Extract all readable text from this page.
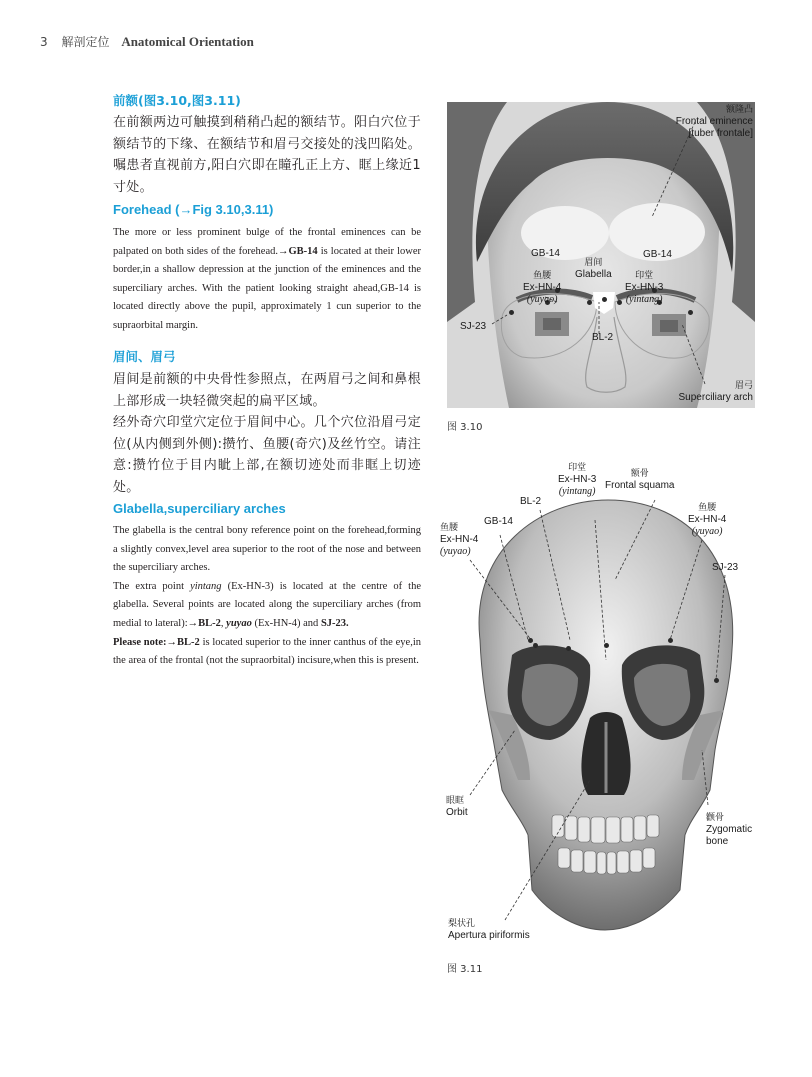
3 解剖定位 Anatomical Orientation
前额(图3.10,图3.11)

在前额两边可触摸到稍稍凸起的额结节。阳白穴位于额结节的下缘、在额结节和眉弓交接处的浅凹陷处。嘱患者直视前方,阳白穴即在瞳孔正上方、眶上缘近1寸处。

Forehead (→Fig 3.10,3.11)

The more or less prominent bulge of the frontal eminences can be palpated on both sides of the forehead.→GB-14 is located at their lower border,in a shallow depression at the junction of the eminences and the superciliary arches. With the patient looking straight ahead,GB-14 is located directly above the pupil, approximately 1 cun superior to the supraorbital margin.

眉间、眉弓

眉间是前额的中央骨性参照点，在两眉弓之间和鼻根上部形成一块轻微突起的扁平区域。

经外奇穴印堂穴定位于眉间中心。几个穴位沿眉弓定位(从内侧到外侧):攒竹、鱼腰(奇穴)及丝竹空。请注意:攒竹位于目内眦上部,在额切迹处而非眶上切迹处。

Glabella,superciliary arches

The glabella is the central bony reference point on the forehead,forming a slightly convex,level area superior to the root of the nose and between the superciliary arches.

The extra point yintang (Ex-HN-3) is located at the centre of the glabella. Several points are located along the superciliary arches (from medial to lateral):→BL-2, yuyao (Ex-HN-4) and SJ-23.

Please note:→BL-2 is located superior to the inner canthus of the eye,in the area of the frontal (not the supraorbital) incisure,when this is present.

额隆凸
Frontal eminence
[tuber frontale]
GB-14	GB-14
鱼腰
Ex-HN-4
(yuyao)
眉间
Glabella	印堂
Ex-HN-3
(yintang)
SJ-23
BL-2
眉弓
Superciliary arch
图 3.10
印堂
Ex-HN-3
(yintang)
额骨
Frontal squama
BL-2
GB-14
鱼腰
Ex-HN-4
(yuyao)
鱼腰
Ex-HN-4
(yuyao)
SJ-23
眼眶
Orbit	颧骨
Zygomatic
bone
梨状孔
Apertura piriformis
图 3.11
